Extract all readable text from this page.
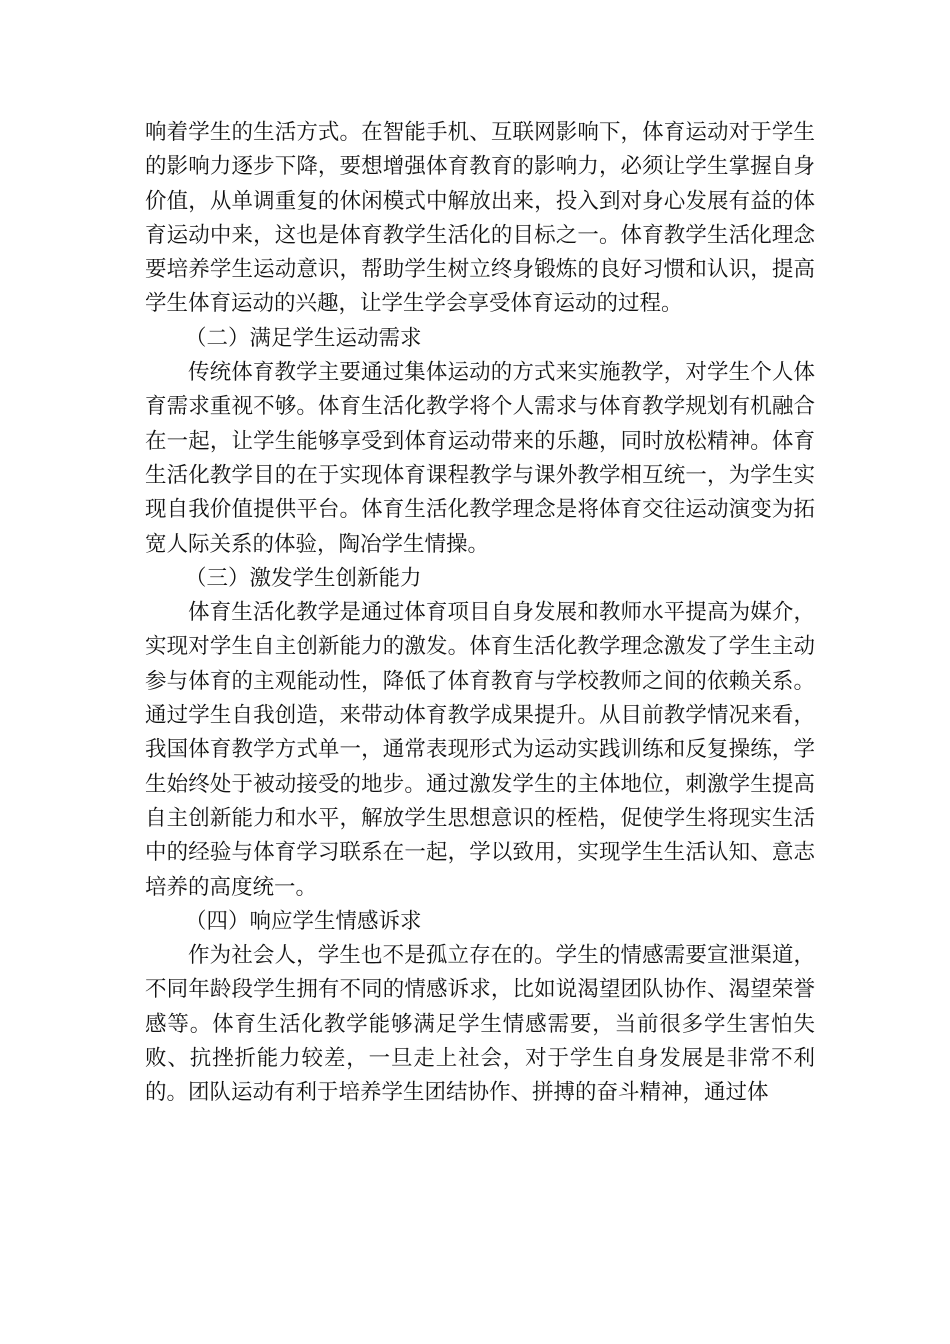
响着学生的生活方式。在智能手机、互联网影响下，体育运动对于学生的影响力逐步下降，要想增强体育教育的影响力，必须让学生掌握自身价值，从单调重复的休闲模式中解放出来，投入到对身心发展有益的体育运动中来，这也是体育教学生活化的目标之一。体育教学生活化理念要培养学生运动意识，帮助学生树立终身锻炼的良好习惯和认识，提高学生体育运动的兴趣，让学生学会享受体育运动的过程。

（二）满足学生运动需求

传统体育教学主要通过集体运动的方式来实施教学，对学生个人体育需求重视不够。体育生活化教学将个人需求与体育教学规划有机融合在一起，让学生能够享受到体育运动带来的乐趣，同时放松精神。体育生活化教学目的在于实现体育课程教学与课外教学相互统一，为学生实现自我价值提供平台。体育生活化教学理念是将体育交往运动演变为拓宽人际关系的体验，陶冶学生情操。

（三）激发学生创新能力

体育生活化教学是通过体育项目自身发展和教师水平提高为媒介，实现对学生自主创新能力的激发。体育生活化教学理念激发了学生主动参与体育的主观能动性，降低了体育教育与学校教师之间的依赖关系。通过学生自我创造，来带动体育教学成果提升。从目前教学情况来看，我国体育教学方式单一，通常表现形式为运动实践训练和反复操练，学生始终处于被动接受的地步。通过激发学生的主体地位，刺激学生提高自主创新能力和水平，解放学生思想意识的桎梏，促使学生将现实生活中的经验与体育学习联系在一起，学以致用，实现学生生活认知、意志培养的高度统一。

（四）响应学生情感诉求

作为社会人，学生也不是孤立存在的。学生的情感需要宣泄渠道，不同年龄段学生拥有不同的情感诉求，比如说渴望团队协作、渴望荣誉感等。体育生活化教学能够满足学生情感需要，当前很多学生害怕失败、抗挫折能力较差，一旦走上社会，对于学生自身发展是非常不利的。团队运动有利于培养学生团结协作、拼搏的奋斗精神，通过体
